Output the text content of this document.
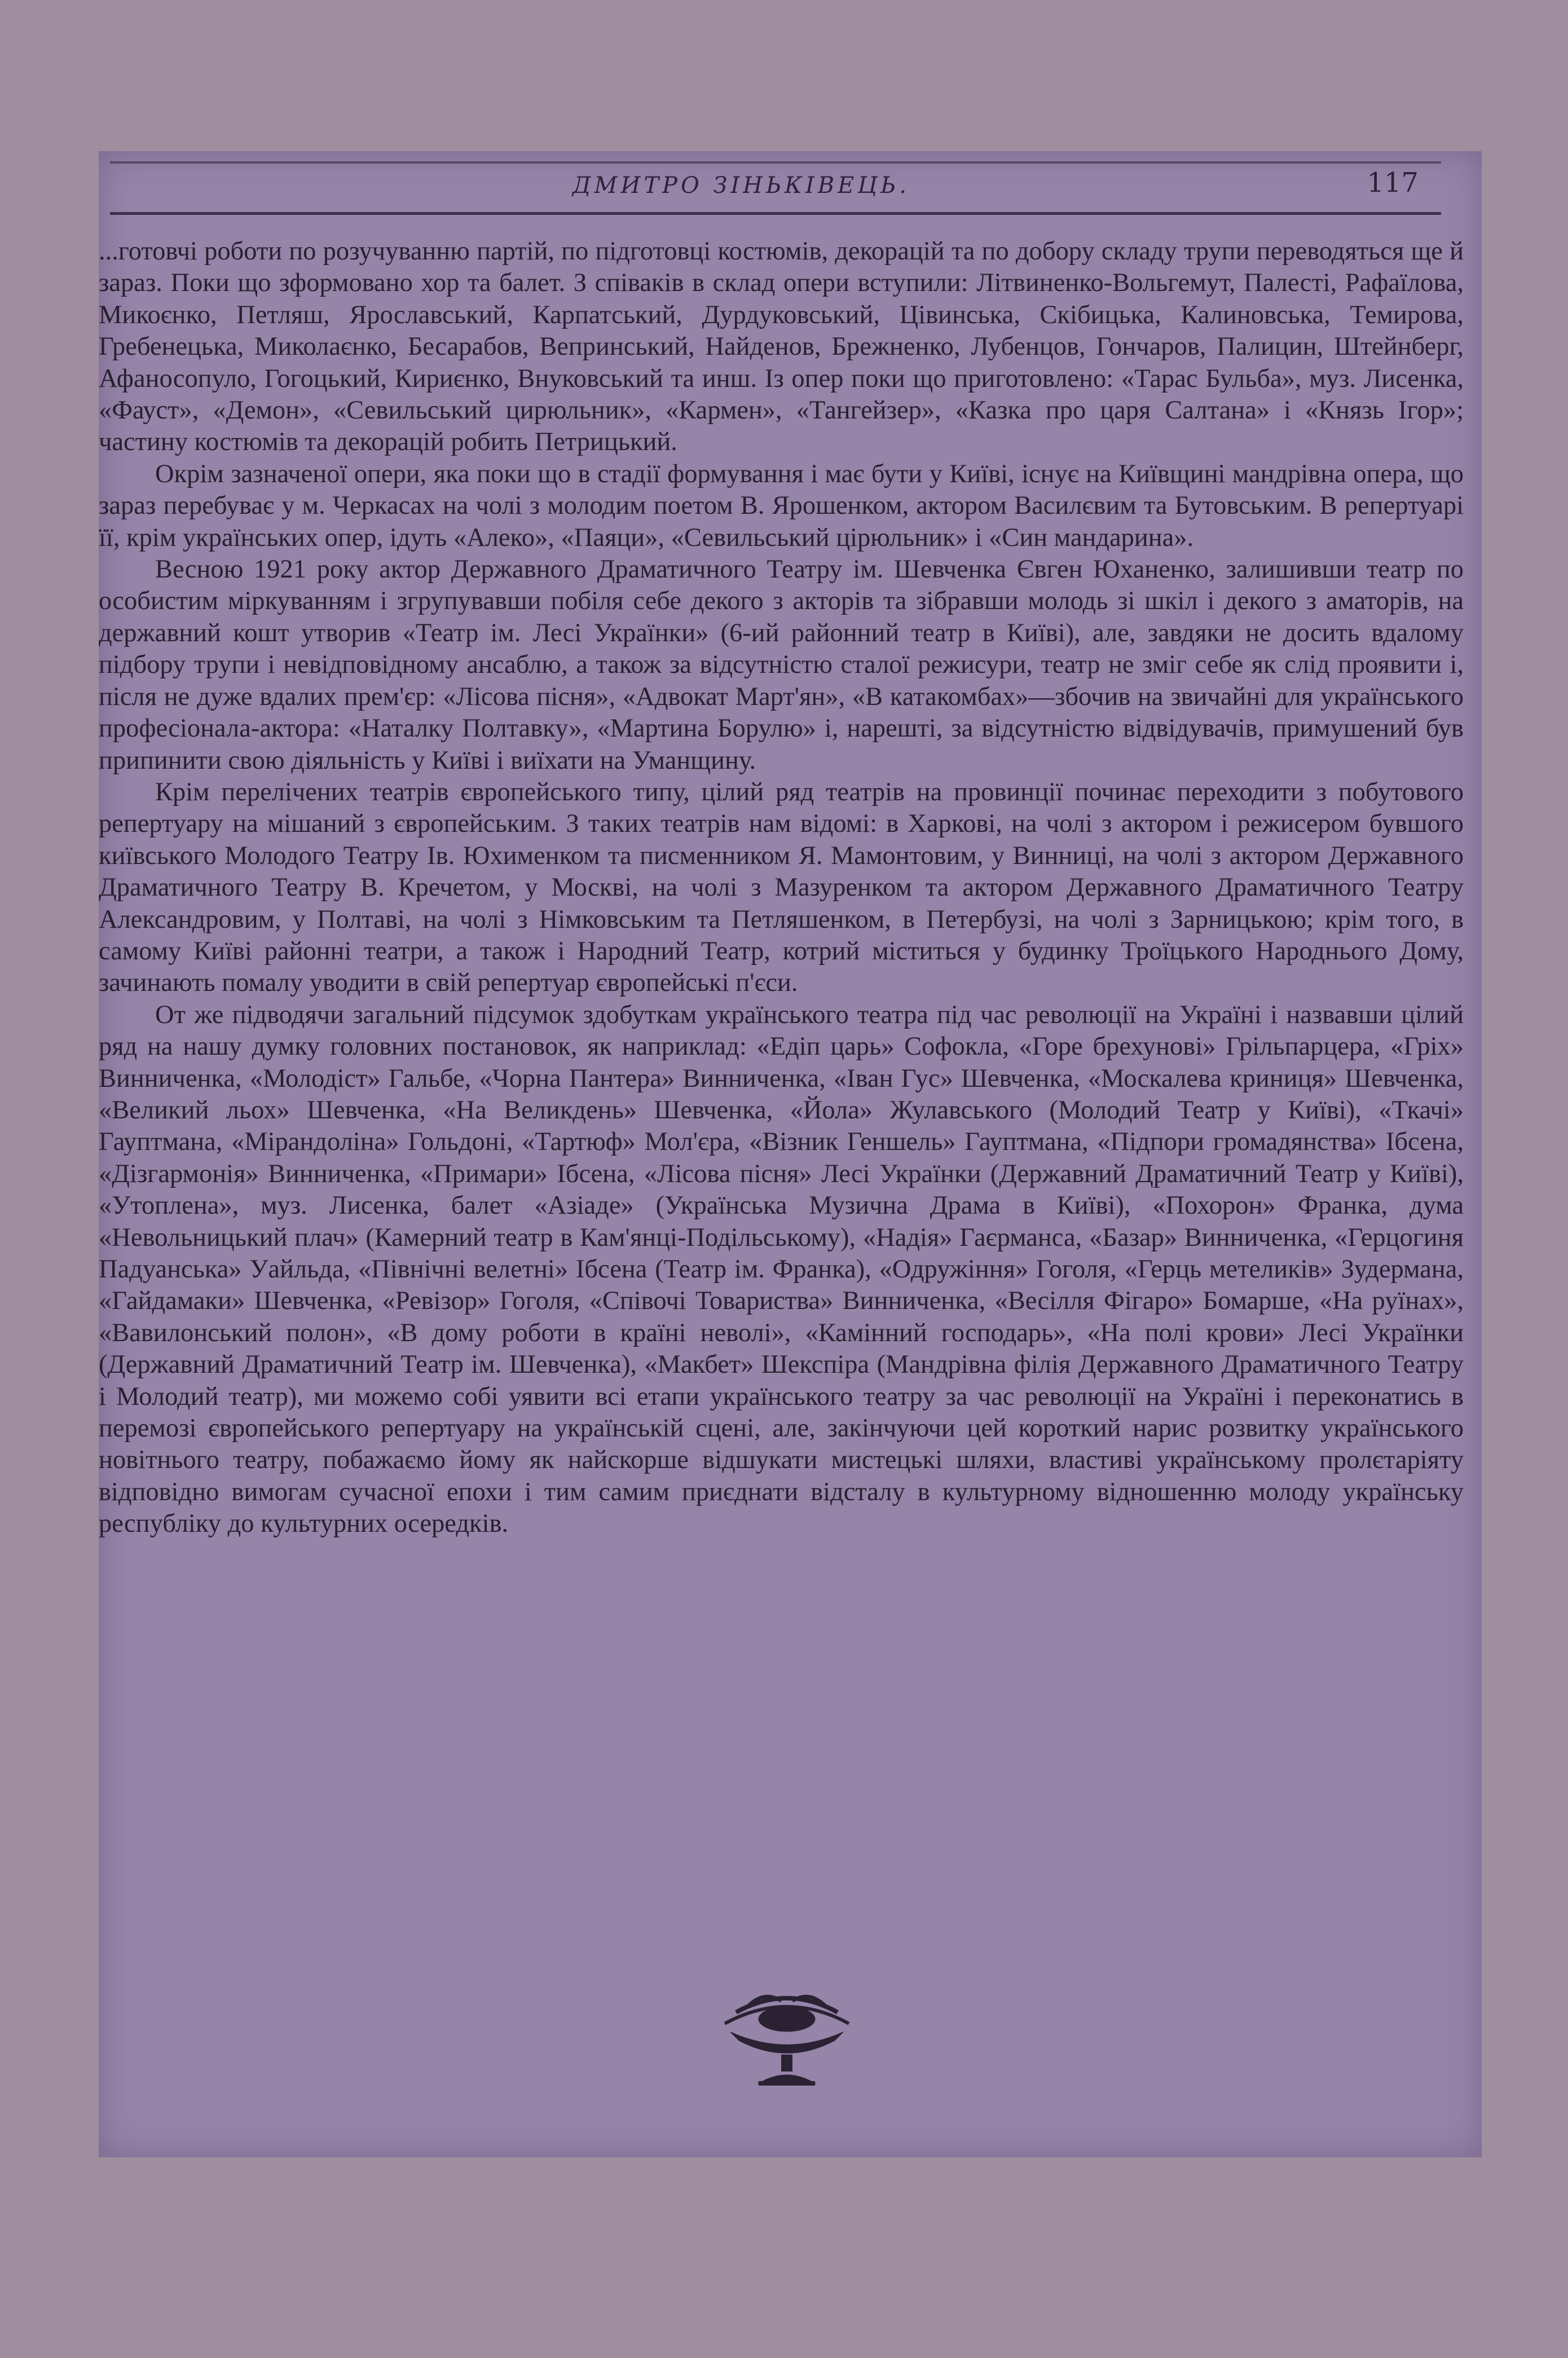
ДМИТРО ЗІНЬКІВЕЦЬ.	117

...готовчі роботи по розучуванню партій, по підготовці костюмів, декорацій та по добору складу трупи переводяться ще й зараз. Поки що зформовано хор та балет. З співаків в склад опери вступили: Літвиненко-Вольгемут, Палесті, Рафаїлова, Микоєнко, Петляш, Ярославський, Карпатський, Дурдуковський, Цівинська, Скібицька, Калиновська, Темирова, Гребенецька, Миколаєнко, Бесарабов, Вепринський, Найденов, Брежненко, Лубенцов, Гончаров, Палицин, Штейнберг, Афаносопуло, Гогоцький, Кириєнко, Внуковський та инш. Із опер поки що приготовлено: «Тарас Бульба», муз. Лисенка, «Фауст», «Демон», «Севильський цирюльник», «Кармен», «Тангейзер», «Казка про царя Салтана» і «Князь Ігор»; частину костюмів та декорацій робить Петрицький.

Окрім зазначеної опери, яка поки що в стадії формування і має бути у Київі, існує на Київщині мандрівна опера, що зараз перебуває у м. Черкасах на чолі з молодим поетом В. Ярошенком, актором Василєвим та Бутовським. В репертуарі її, крім українських опер, ідуть «Алеко», «Паяци», «Севильський цірюльник» і «Син мандарина».

Весною 1921 року актор Державного Драматичного Театру ім. Шевченка Євген Юханенко, залишивши театр по особистим міркуванням і згрупувавши побіля себе декого з акторів та зібравши молодь зі шкіл і декого з аматорів, на державний кошт утворив «Театр ім. Лесі Українки» (6-ий районний театр в Київі), але, завдяки не досить вдалому підбору трупи і невідповідному ансаблю, а також за відсутністю сталої режисури, театр не зміг себе як слід проявити і, після не дуже вдалих прем'єр: «Лісова пісня», «Адвокат Март'ян», «В катакомбах»—збочив на звичайні для українського професіонала-актора: «Наталку Полтавку», «Мартина Борулю» і, нарешті, за відсутністю відвідувачів, примушений був припинити свою діяльність у Київі і виїхати на Уманщину.

Крім перелічених театрів європейського типу, цілий ряд театрів на провинції починає переходити з побутового репертуару на мішаний з європейським. З таких театрів нам відомі: в Харкові, на чолі з актором і режисером бувшого київського Молодого Театру Ів. Юхименком та писменником Я. Мамонтовим, у Винниці, на чолі з актором Державного Драматичного Театру В. Кречетом, у Москві, на чолі з Мазуренком та актором Державного Драматичного Театру Александровим, у Полтаві, на чолі з Німковським та Петляшенком, в Петербузі, на чолі з Зарницькою; крім того, в самому Київі районні театри, а також і Народний Театр, котрий міститься у будинку Троїцького Народнього Дому, зачинають помалу уводити в свій репертуар європейські п'єси.

От же підводячи загальний підсумок здобуткам українського театра під час революції на Україні і назвавши цілий ряд на нашу думку головних постановок, як наприклад: «Едіп царь» Софокла, «Горе брехунові» Грільпарцера, «Гріх» Винниченка, «Молодіст» Гальбе, «Чорна Пантера» Винниченка, «Іван Гус» Шевченка, «Москалева криниця» Шевченка, «Великий льох» Шевченка, «На Великдень» Шевченка, «Йола» Жулавського (Молодий Театр у Київі), «Ткачі» Гауптмана, «Мірандоліна» Гольдоні, «Тартюф» Мол'єра, «Візник Геншель» Гауптмана, «Підпори громадянства» Ібсена, «Дізгармонія» Винниченка, «Примари» Ібсена, «Лісова пісня» Лесі Українки (Державний Драматичний Театр у Київі), «Утоплена», муз. Лисенка, балет «Азіаде» (Українська Музична Драма в Київі), «Похорон» Франка, дума «Невольницький плач» (Камерний театр в Кам'янці-Подільському), «Надія» Гаєрманса, «Базар» Винниченка, «Герцогиня Падуанська» Уайльда, «Північні велетні» Ібсена (Театр ім. Франка), «Одружіння» Гоголя, «Герць метеликів» Зудермана, «Гайдамаки» Шевченка, «Ревізор» Гоголя, «Співочі Товариства» Винниченка, «Весілля Фігаро» Бомарше, «На руїнах», «Вавилонський полон», «В дому роботи в країні неволі», «Камінний господарь», «На полі крови» Лесі Українки (Державний Драматичний Театр ім. Шевченка), «Макбет» Шекспіра (Мандрівна філія Державного Драматичного Театру і Молодий театр), ми можемо собі уявити всі етапи українського театру за час революції на Україні і переконатись в перемозі європейського репертуару на українській сцені, але, закінчуючи цей короткий нарис розвитку українського новітнього театру, побажаємо йому як найскорше відшукати мистецькі шляхи, властиві українському пролєтаріяту відповідно вимогам сучасної епохи і тим самим приєднати відсталу в культурному відношенню молоду українську республіку до культурних осередків.
